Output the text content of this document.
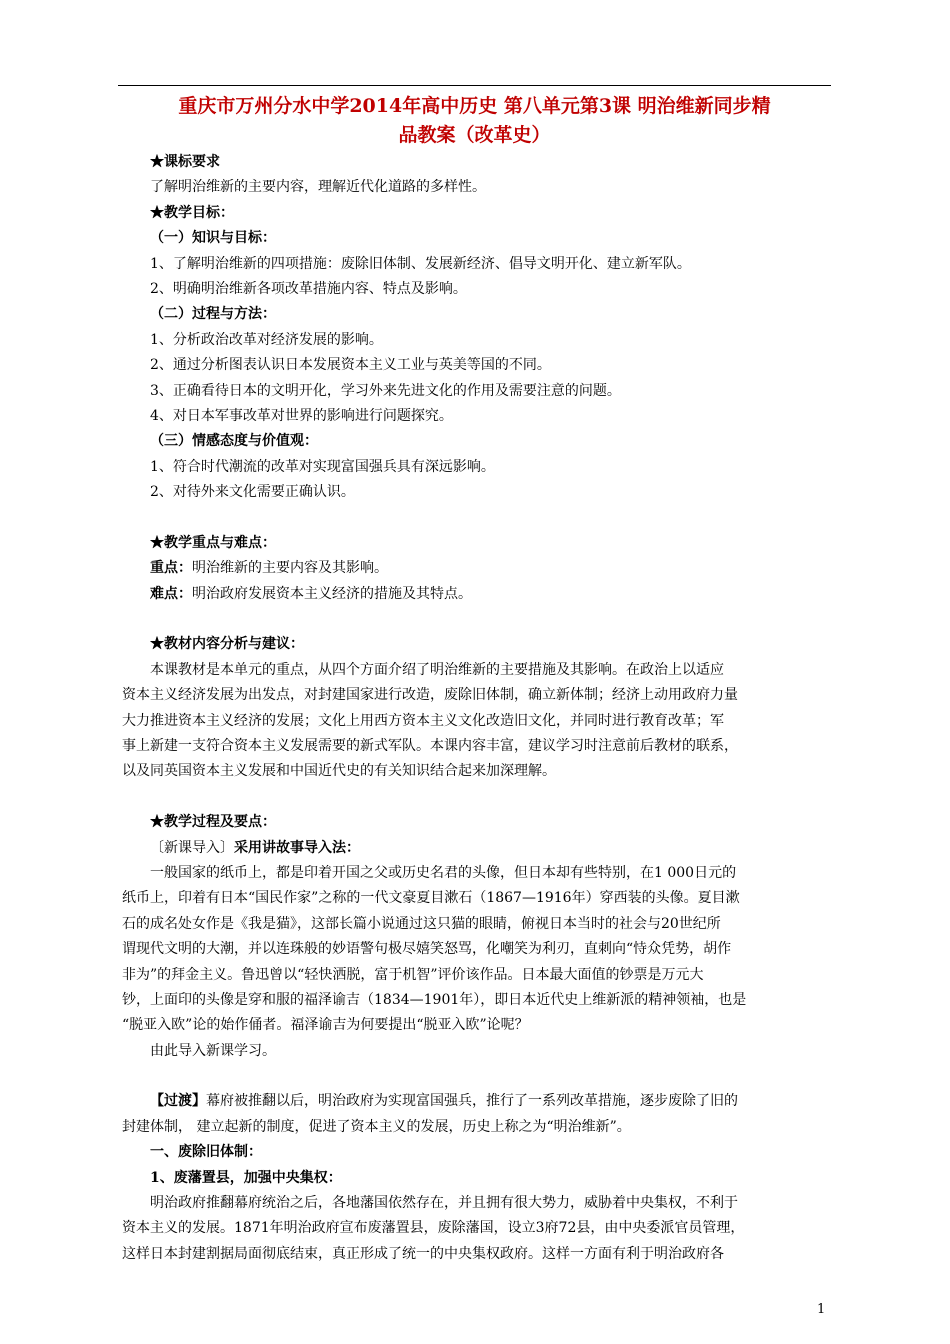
重庆市万州分水中学2014年高中历史 第八单元第3课 明治维新同步精
品教案（改革史）
★课标要求
了解明治维新的主要内容，理解近代化道路的多样性。
★教学目标：
（一）知识与目标：
1、了解明治维新的四项措施：废除旧体制、发展新经济、倡导文明开化、建立新军队。
2、明确明治维新各项改革措施内容、特点及影响。
（二）过程与方法：
1、分析政治改革对经济发展的影响。
2、通过分析图表认识日本发展资本主义工业与英美等国的不同。
3、正确看待日本的文明开化，学习外来先进文化的作用及需要注意的问题。
4、对日本军事改革对世界的影响进行问题探究。
（三）情感态度与价值观：
1、符合时代潮流的改革对实现富国强兵具有深远影响。
2、对待外来文化需要正确认识。
★教学重点与难点：
重点：明治维新的主要内容及其影响。
难点：明治政府发展资本主义经济的措施及其特点。
★教材内容分析与建议：
本课教材是本单元的重点，从四个方面介绍了明治维新的主要措施及其影响。在政治上以适应
资本主义经济发展为出发点，对封建国家进行改造，废除旧体制，确立新体制；经济上动用政府力量
大力推进资本主义经济的发展；文化上用西方资本主义文化改造旧文化，并同时进行教育改革；军
事上新建一支符合资本主义发展需要的新式军队。本课内容丰富，建议学习时注意前后教材的联系，
以及同英国资本主义发展和中国近代史的有关知识结合起来加深理解。
★教学过程及要点：
〔新课导入〕采用讲故事导入法：
一般国家的纸币上，都是印着开国之父或历史名君的头像，但日本却有些特别，在1 000日元的
纸币上，印着有日本“国民作家”之称的一代文豪夏目漱石（1867—1916年）穿西装的头像。夏目漱
石的成名处女作是《我是猫》，这部长篇小说通过这只猫的眼睛，俯视日本当时的社会与20世纪所
谓现代文明的大潮，并以连珠般的妙语警句极尽嬉笑怒骂，化嘲笑为利刃，直刺向“恃众凭势，胡作
非为”的拜金主义。鲁迅曾以“轻快洒脱，富于机智”评价该作品。日本最大面值的钞票是万元大
钞，上面印的头像是穿和服的福泽谕吉（1834—1901年），即日本近代史上维新派的精神领袖，也是
“脱亚入欧”论的始作俑者。福泽谕吉为何要提出“脱亚入欧”论呢？
由此导入新课学习。
【过渡】幕府被推翻以后，明治政府为实现富国强兵，推行了一系列改革措施，逐步废除了旧的
封建体制， 建立起新的制度，促进了资本主义的发展，历史上称之为“明治维新”。
一、废除旧体制：
1、废藩置县，加强中央集权：
明治政府推翻幕府统治之后，各地藩国依然存在，并且拥有很大势力，威胁着中央集权，不利于
资本主义的发展。1871年明治政府宣布废藩置县，废除藩国，设立3府72县，由中央委派官员管理，
这样日本封建割据局面彻底结束，真正形成了统一的中央集权政府。这样一方面有利于明治政府各
1
